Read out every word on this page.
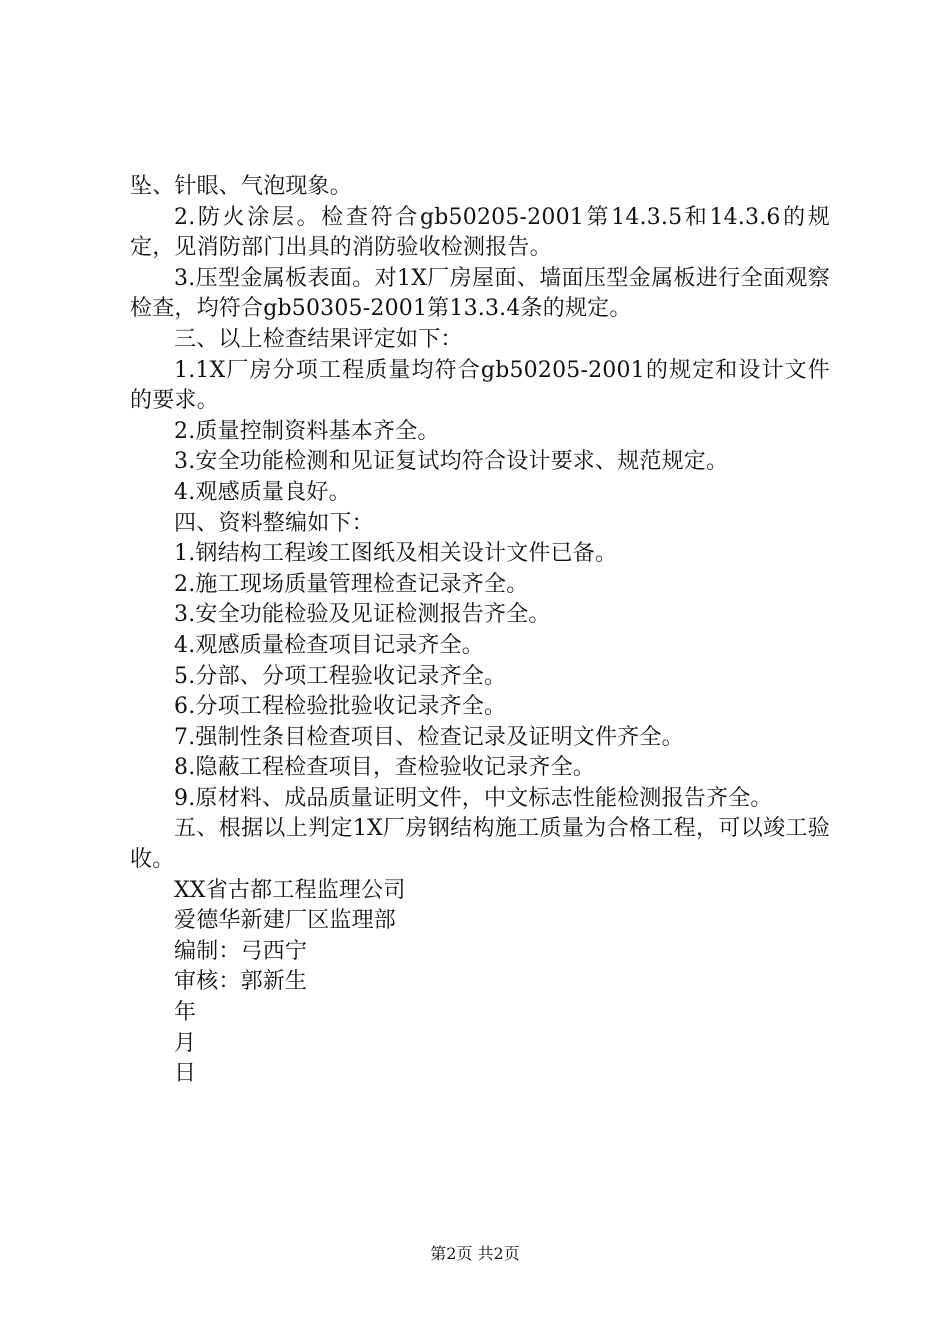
坠、针眼、气泡现象。

2.防火涂层。检查符合gb50205-2001第14.3.5和14.3.6的规定，见消防部门出具的消防验收检测报告。

3.压型金属板表面。对1X厂房屋面、墙面压型金属板进行全面观察检查，均符合gb50305-2001第13.3.4条的规定。

三、以上检查结果评定如下：

1.1X厂房分项工程质量均符合gb50205-2001的规定和设计文件的要求。

2.质量控制资料基本齐全。

3.安全功能检测和见证复试均符合设计要求、规范规定。

4.观感质量良好。

四、资料整编如下：

1.钢结构工程竣工图纸及相关设计文件已备。

2.施工现场质量管理检查记录齐全。

3.安全功能检验及见证检测报告齐全。

4.观感质量检查项目记录齐全。

5.分部、分项工程验收记录齐全。

6.分项工程检验批验收记录齐全。

7.强制性条目检查项目、检查记录及证明文件齐全。

8.隐蔽工程检查项目，查检验收记录齐全。

9.原材料、成品质量证明文件，中文标志性能检测报告齐全。

五、根据以上判定1X厂房钢结构施工质量为合格工程，可以竣工验收。

XX省古都工程监理公司

爱德华新建厂区监理部

编制：弓西宁

审核：郭新生

年

月

日

第2页 共2页
